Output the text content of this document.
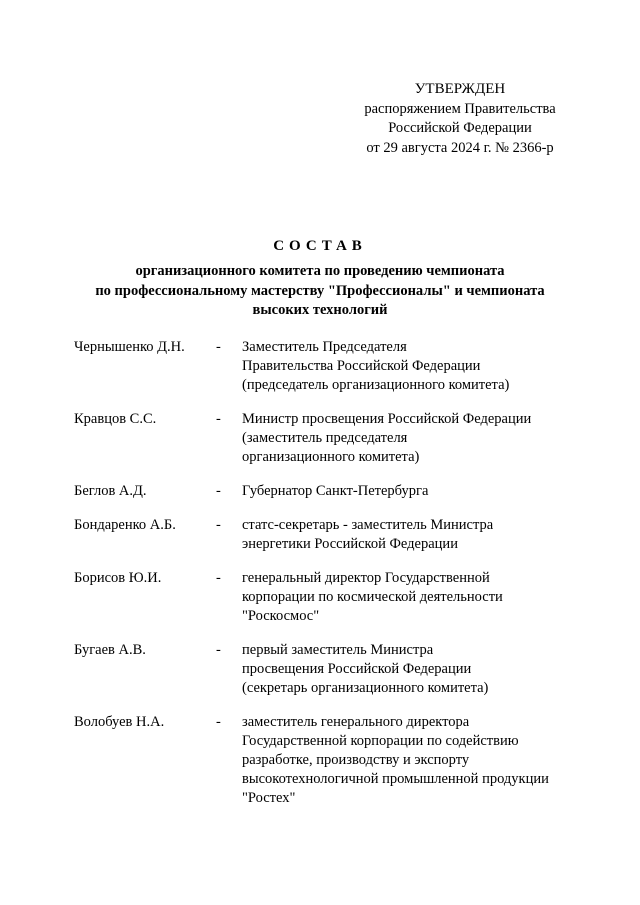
УТВЕРЖДЕН
распоряжением Правительства
Российской Федерации
от 29 августа 2024 г. № 2366-р
СОСТАВ
организационного комитета по проведению чемпионата
по профессиональному мастерству "Профессионалы" и чемпионата
высоких технологий
Чернышенко Д.Н.	-	Заместитель Председателя
Правительства Российской Федерации
(председатель организационного комитета)
Кравцов С.С.	-	Министр просвещения Российской Федерации
(заместитель председателя
организационного комитета)
Беглов А.Д.	-	Губернатор Санкт-Петербурга
Бондаренко А.Б.	-	статс-секретарь - заместитель Министра
энергетики Российской Федерации
Борисов Ю.И.	-	генеральный директор Государственной
корпорации по космической деятельности
"Роскосмос"
Бугаев А.В.	-	первый заместитель Министра
просвещения Российской Федерации
(секретарь организационного комитета)
Волобуев Н.А.	-	заместитель генерального директора
Государственной корпорации по содействию
разработке, производству и экспорту
высокотехнологичной промышленной продукции
"Ростех"
